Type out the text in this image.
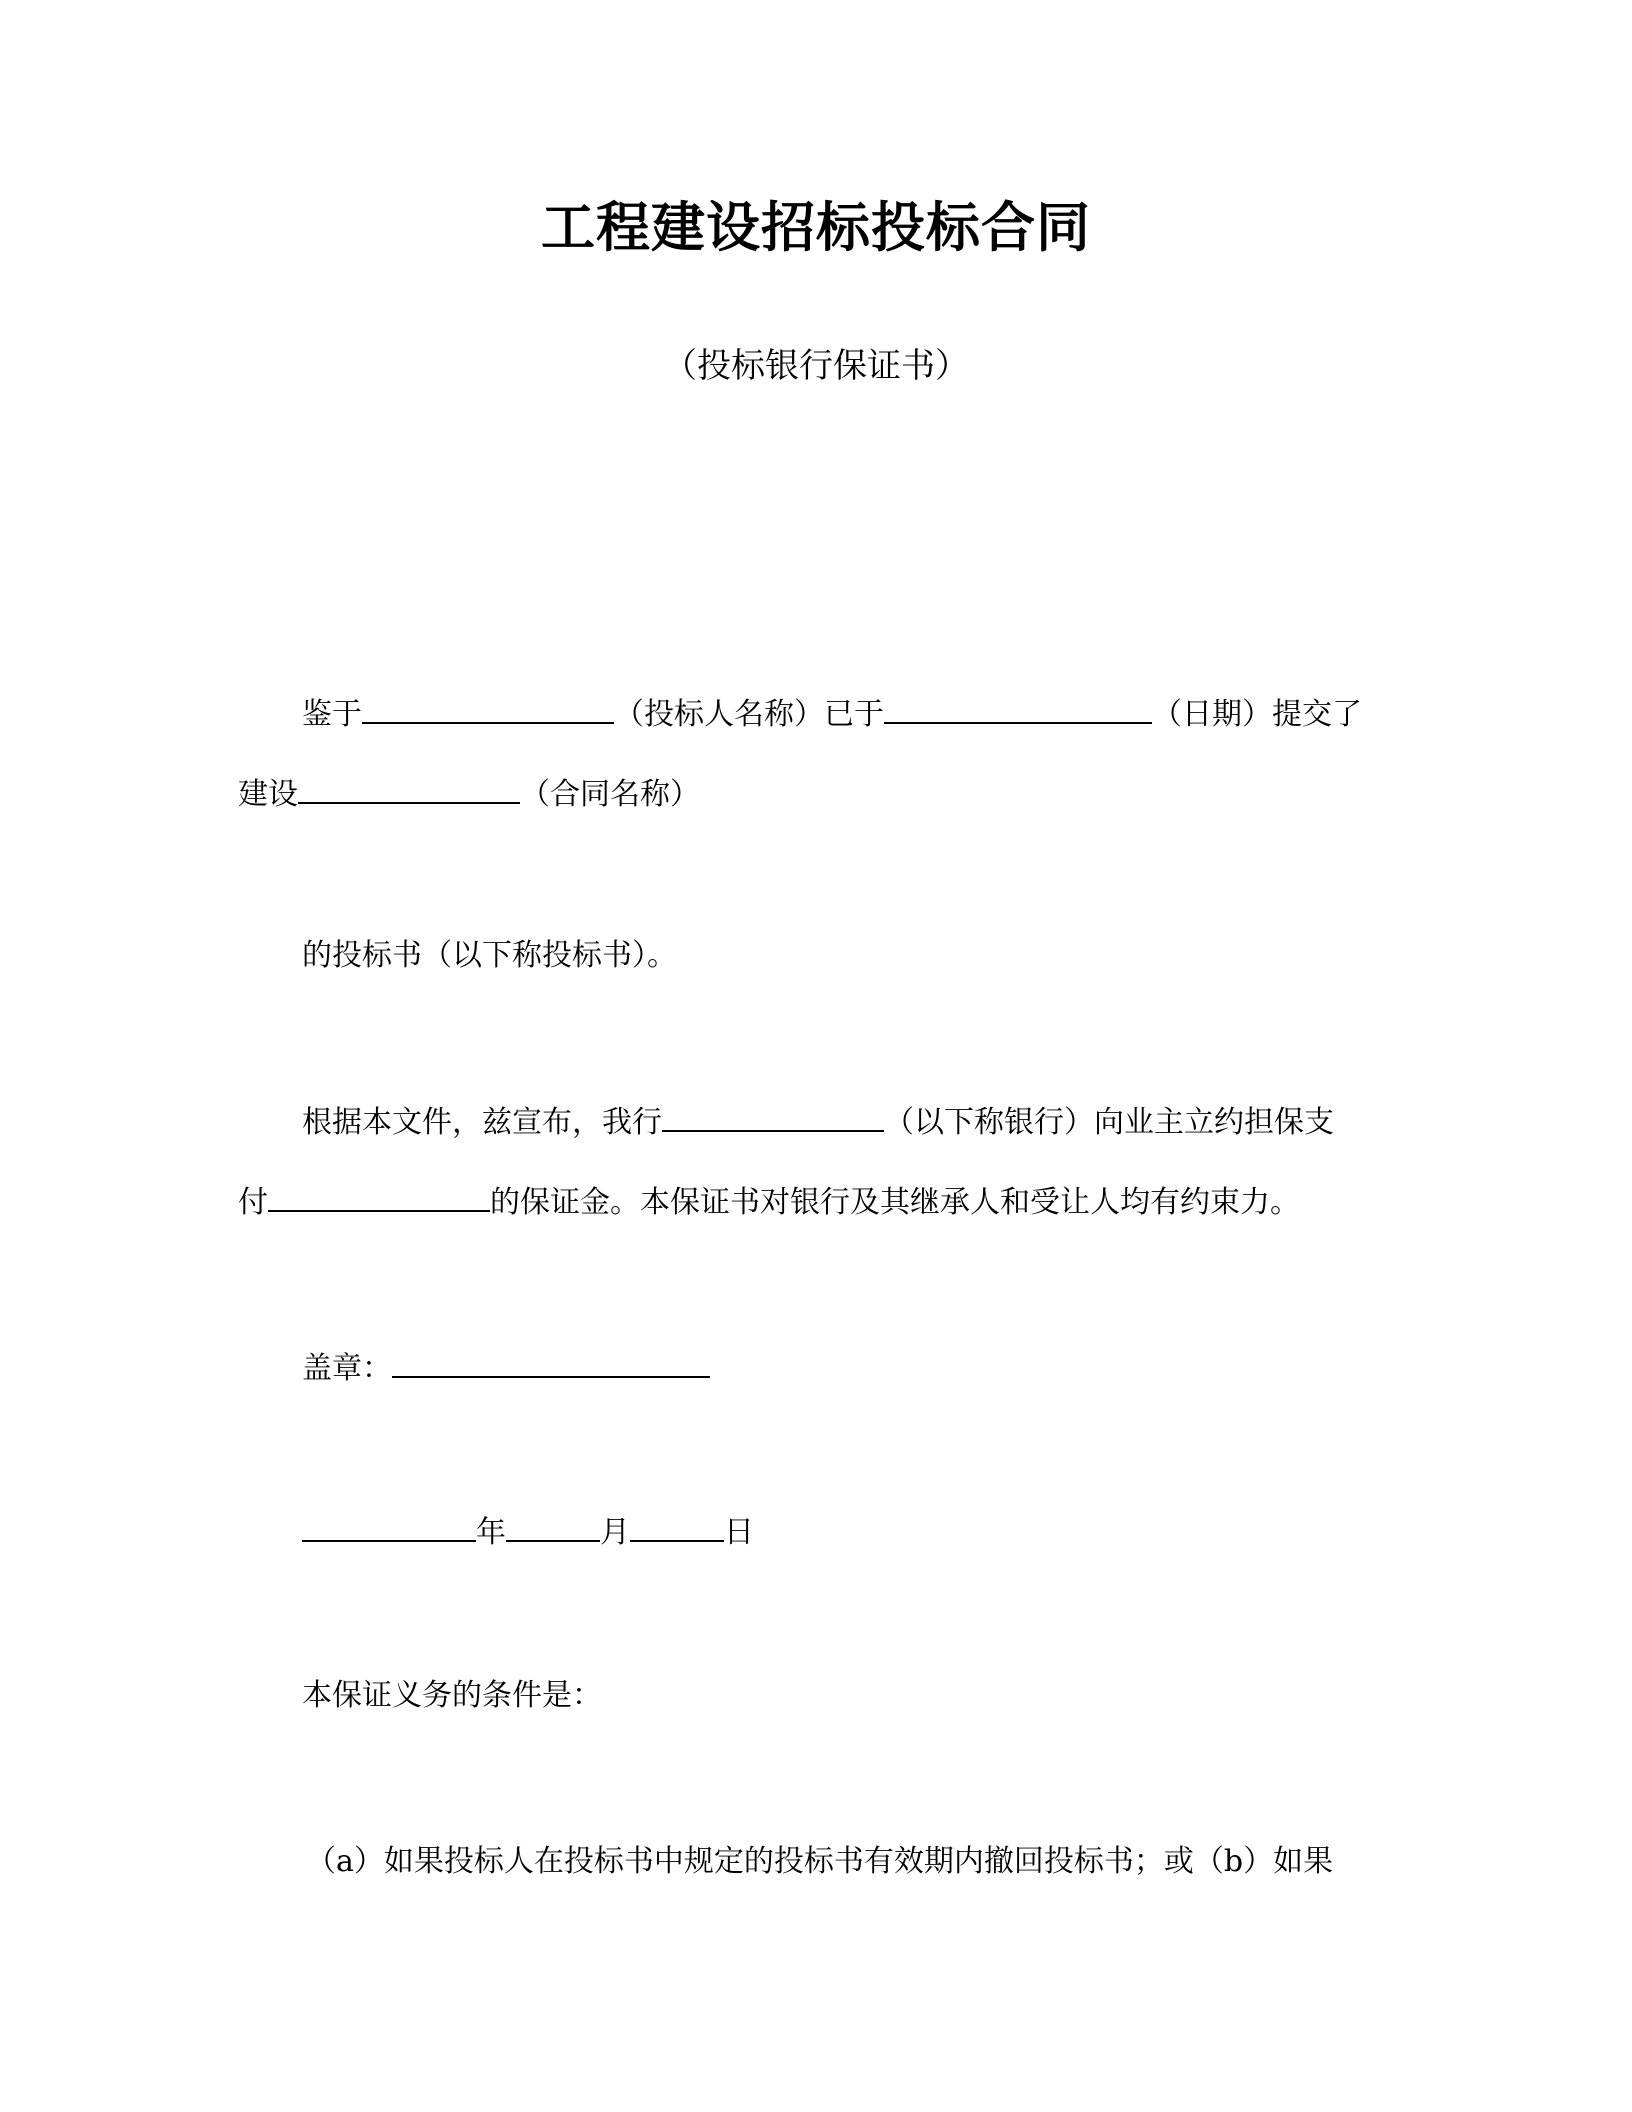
工程建设招标投标合同
（投标银行保证书）
鉴于	（投标人名称）已于	（日期）提交了
建设	（合同名称）
的投标书（以下称投标书）。
根据本文件，兹宣布，我行	（以下称银行）向业主立约担保支
付	的保证金。本保证书对银行及其继承人和受让人均有约束力。
盖章：
年	月	日
本保证义务的条件是：
（a）如果投标人在投标书中规定的投标书有效期内撤回投标书；或（b）如果
